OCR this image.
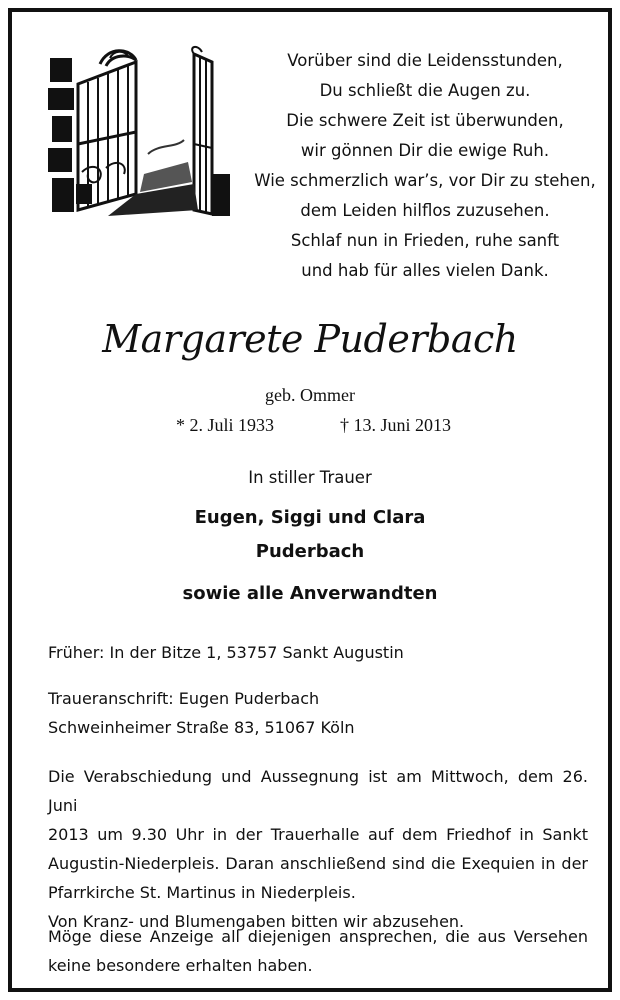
Vorüber sind die Leidensstunden,
Du schließt die Augen zu.
Die schwere Zeit ist überwunden,
wir gönnen Dir die ewige Ruh.
Wie schmerzlich war’s, vor Dir zu stehen,
dem Leiden hilflos zuzusehen.
Schlaf nun in Frieden, ruhe sanft
und hab für alles vielen Dank.
Margarete Puderbach
geb. Ommer
* 2. Juli 1933	† 13. Juni 2013
In stiller Trauer
Eugen, Siggi und Clara
Puderbach
sowie alle Anverwandten
Früher: In der Bitze 1, 53757 Sankt Augustin
Traueranschrift: Eugen Puderbach
Schweinheimer Straße 83, 51067 Köln
Die Verabschiedung und Aussegnung ist am Mittwoch, dem 26. Juni
2013 um 9.30 Uhr in der Trauerhalle auf dem Friedhof in Sankt
Augustin-Niederpleis. Daran anschließend sind die Exequien in der
Pfarrkirche St. Martinus in Niederpleis.
Von Kranz- und Blumengaben bitten wir abzusehen.
Möge diese Anzeige all diejenigen ansprechen, die aus Versehen
keine besondere erhalten haben.
